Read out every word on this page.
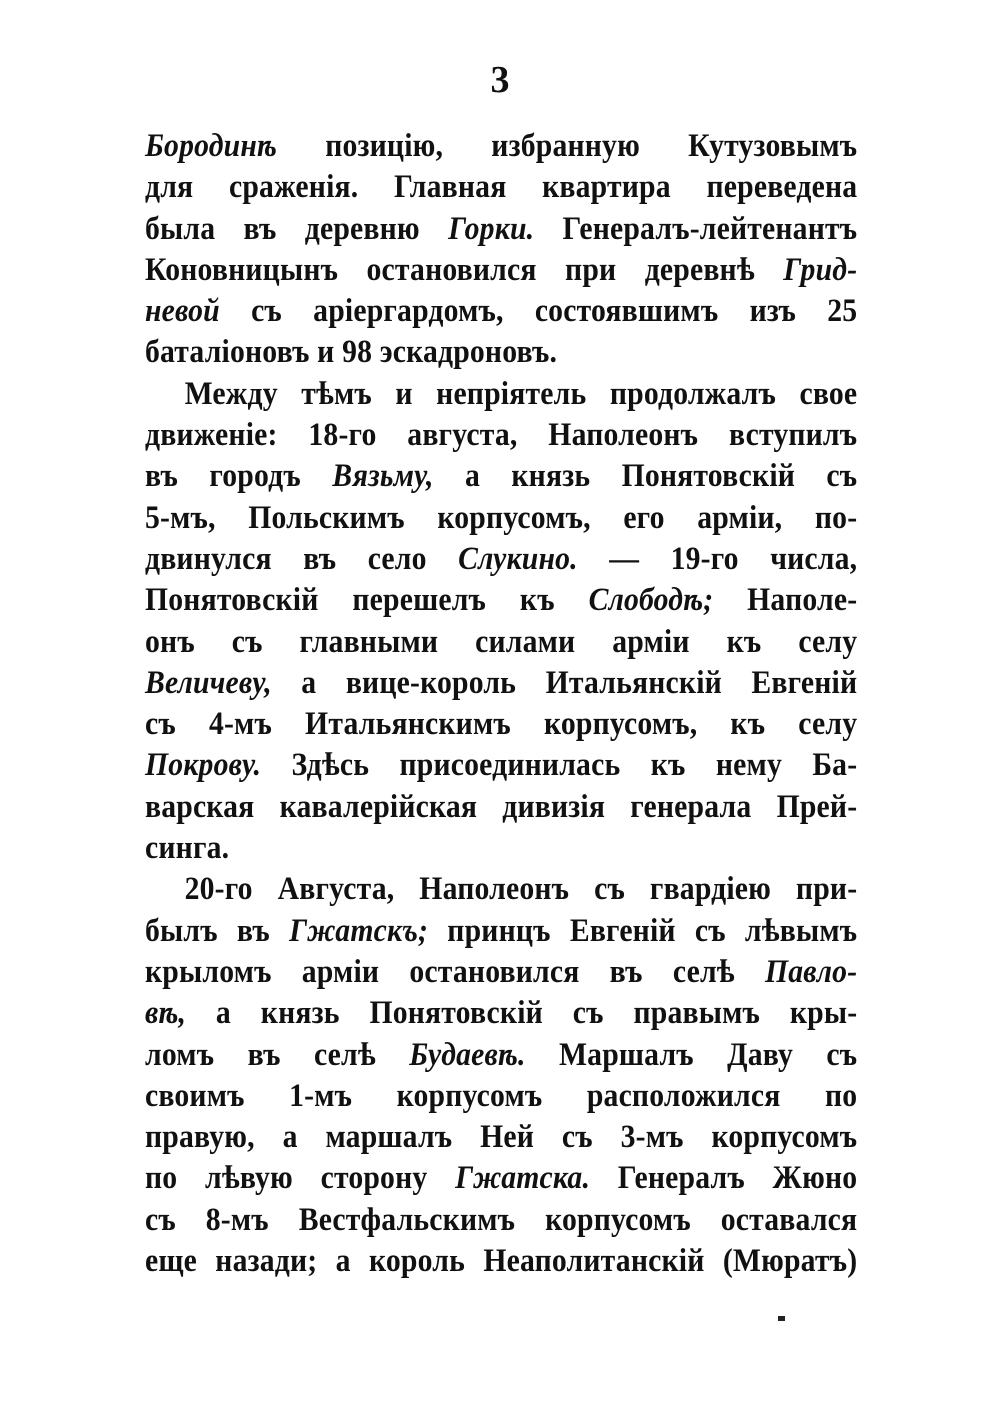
3
Бородинѣ позицію, избранную Кутузовымъ
для сраженія. Главная квартира переведена
была въ деревню Горки. Генералъ-лейтенантъ
Коновницынъ остановился при деревнѣ Грид-
невой съ аріергардомъ, состоявшимъ изъ 25
баталіоновъ и 98 эскадроновъ.
Между тѣмъ и непріятель продолжалъ свое
движеніе: 18-го августа, Наполеонъ вступилъ
въ городъ Вязьму, а князь Понятовскій съ
5-мъ, Польскимъ корпусомъ, его арміи, по-
двинулся въ село Слукино. — 19-го числа,
Понятовскій перешелъ къ Слободѣ; Наполе-
онъ съ главными силами арміи къ селу
Величеву, а вице-король Итальянскій Евгеній
съ 4-мъ Итальянскимъ корпусомъ, къ селу
Покрову. Здѣсь присоединилась къ нему Ба-
варская кавалерійская дивизія генерала Прей-
синга.
20-го Августа, Наполеонъ съ гвардіею при-
былъ въ Гжатскъ; принцъ Евгеній съ лѣвымъ
крыломъ арміи остановился въ селѣ Павло-
вѣ, а князь Понятовскій съ правымъ кры-
ломъ въ селѣ Будаевѣ. Маршалъ Даву съ
своимъ 1-мъ корпусомъ расположился по
правую, а маршалъ Ней съ 3-мъ корпусомъ
по лѣвую сторону Гжатска. Генералъ Жюно
съ 8-мъ Вестфальскимъ корпусомъ оставался
еще назади; а король Неаполитанскій (Мюратъ)
